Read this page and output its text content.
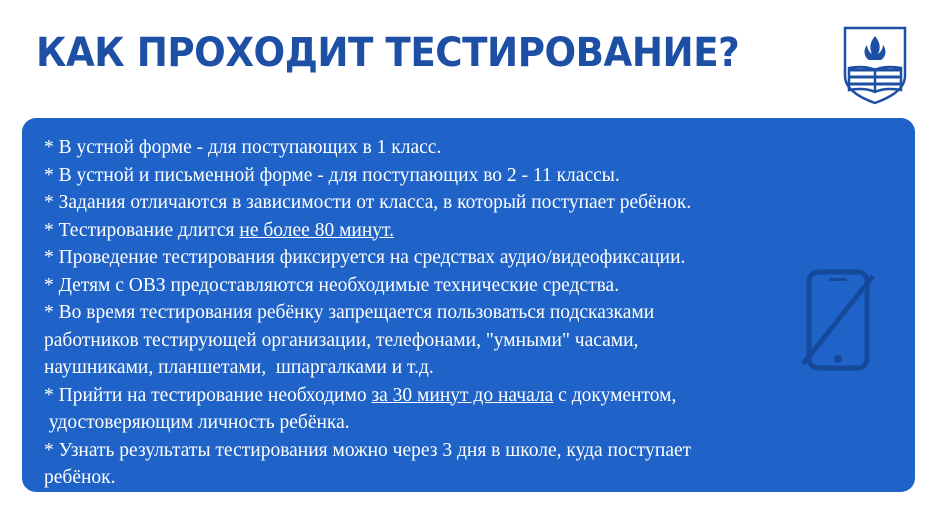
КАК ПРОХОДИТ ТЕСТИРОВАНИЕ?
* В устной форме - для поступающих в 1 класс.
* В устной и письменной форме - для поступающих во 2 - 11 классы.
* Задания отличаются в зависимости от класса, в который поступает ребёнок.
* Тестирование длится не более 80 минут.
* Проведение тестирования фиксируется на средствах аудио/видеофиксации.
* Детям с ОВЗ предоставляются необходимые технические средства.
* Во время тестирования ребёнку запрещается пользоваться подсказками
работников тестирующей организации, телефонами, "умными" часами,
наушниками, планшетами,  шпаргалками и т.д.
* Прийти на тестирование необходимо за 30 минут до начала с документом,
удостоверяющим личность ребёнка.
* Узнать результаты тестирования можно через 3 дня в школе, куда поступает
ребёнок.
